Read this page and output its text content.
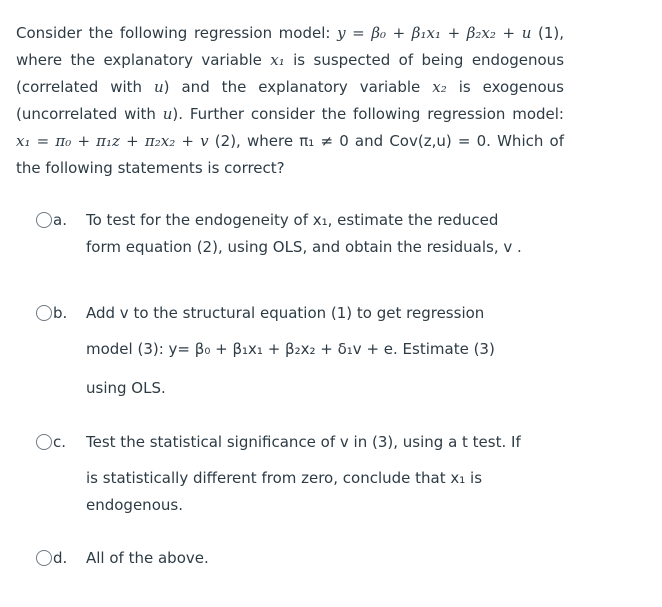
Consider the following regression model: y = β₀ + β₁x₁ + β₂x₂ + u (1), where the explanatory variable x₁ is suspected of being endogenous (correlated with u) and the explanatory variable x₂ is exogenous (uncorrelated with u). Further consider the following regression model: x₁ = π₀ + π₁z + π₂x₂ + v (2), where π₁ ≠ 0 and Cov(z,u) = 0. Which of the following statements is correct?
a. To test for the endogeneity of x₁, estimate the reduced
form equation (2), using OLS, and obtain the residuals, v .
b. Add v to the structural equation (1) to get regression
model (3): y= β₀ + β₁x₁ + β₂x₂ + δ₁v + e. Estimate (3)
using OLS.
c. Test the statistical significance of v in (3), using a t test. If
is statistically different from zero, conclude that x₁ is
endogenous.
d. All of the above.
